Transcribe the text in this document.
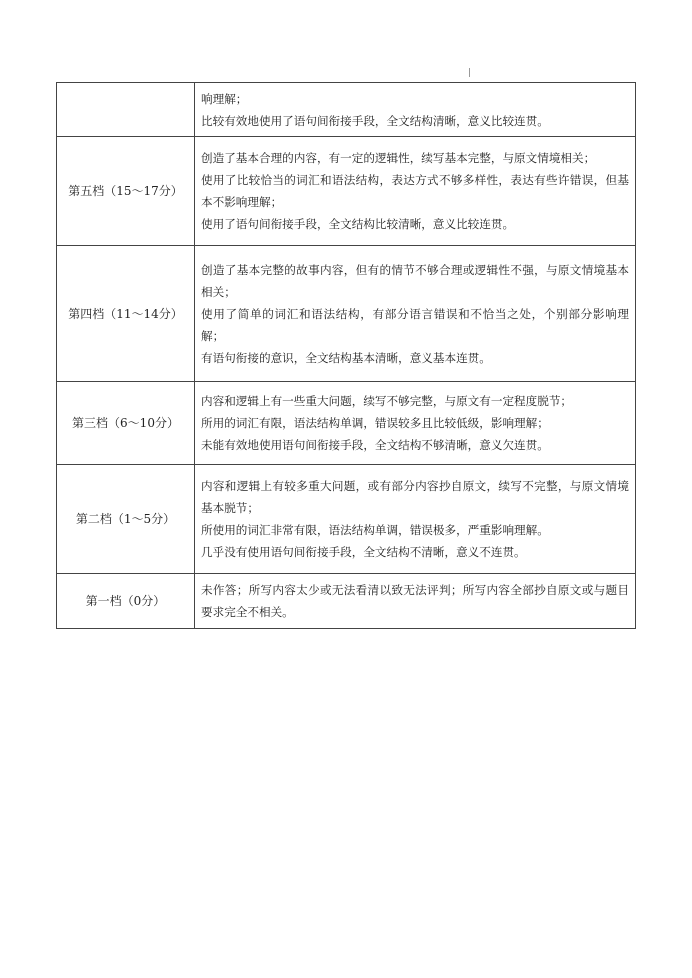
	响理解；
比较有效地使用了语句间衔接手段，全文结构清晰，意义比较连贯。

第五档（15～17分）	创造了基本合理的内容，有一定的逻辑性，续写基本完整，与原文情境相关；
使用了比较恰当的词汇和语法结构，表达方式不够多样性，表达有些许错误，但基本不影响理解；
使用了语句间衔接手段，全文结构比较清晰，意义比较连贯。

第四档（11～14分）	创造了基本完整的故事内容，但有的情节不够合理或逻辑性不强，与原文情境基本相关；
使用了简单的词汇和语法结构，有部分语言错误和不恰当之处，个别部分影响理解；
有语句衔接的意识，全文结构基本清晰，意义基本连贯。

第三档（6～10分）	内容和逻辑上有一些重大问题，续写不够完整，与原文有一定程度脱节；
所用的词汇有限，语法结构单调，错误较多且比较低级，影响理解；
未能有效地使用语句间衔接手段，全文结构不够清晰，意义欠连贯。

第二档（1～5分）	内容和逻辑上有较多重大问题，或有部分内容抄自原文，续写不完整，与原文情境基本脱节；
所使用的词汇非常有限，语法结构单调，错误极多，严重影响理解。
几乎没有使用语句间衔接手段，全文结构不清晰，意义不连贯。

第一档（0分）	未作答；所写内容太少或无法看清以致无法评判；所写内容全部抄自原文或与题目要求完全不相关。
